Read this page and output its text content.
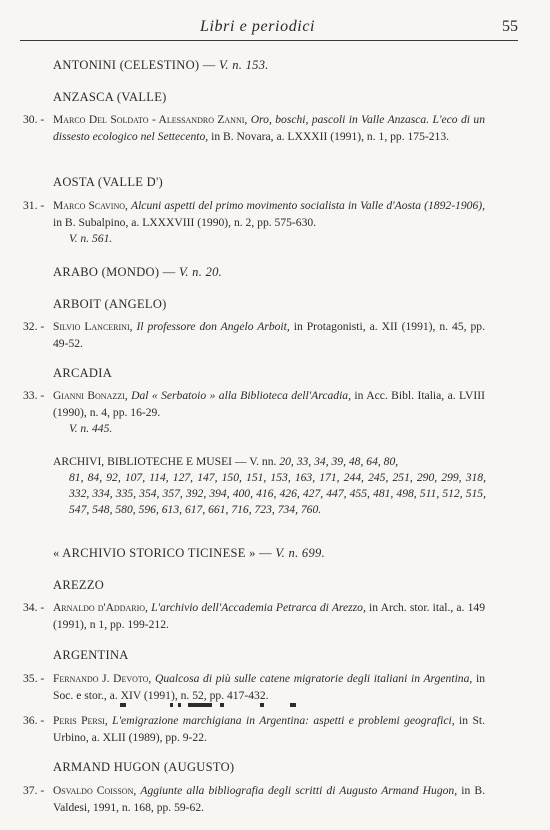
Libri e periodici	55
ANTONINI (CELESTINO) — V. n. 153.
ANZASCA (VALLE)
30. - Marco Del Soldato - Alessandro Zanni, Oro, boschi, pascoli in Valle Anzasca. L'eco di un dissesto ecologico nel Settecento, in B. Novara, a. LXXXII (1991), n. 1, pp. 175-213.
AOSTA (VALLE D')
31. - Marco Scavino, Alcuni aspetti del primo movimento socialista in Valle d'Aosta (1892-1906), in B. Subalpino, a. LXXXVIII (1990), n. 2, pp. 575-630.
V. n. 561.
ARABO (MONDO) — V. n. 20.
ARBOIT (ANGELO)
32. - Silvio Lancerini, Il professore don Angelo Arboit, in Protagonisti, a. XII (1991), n. 45, pp. 49-52.
ARCADIA
33. - Gianni Bonazzi, Dal « Serbatoio » alla Biblioteca dell'Arcadia, in Acc. Bibl. Italia, a. LVIII (1990), n. 4, pp. 16-29.
V. n. 445.
ARCHIVI, BIBLIOTECHE E MUSEI — V. nn. 20, 33, 34, 39, 48, 64, 80,
81, 84, 92, 107, 114, 127, 147, 150, 151, 153, 163, 171, 244, 245, 251, 290, 299, 318, 332, 334, 335, 354, 357, 392, 394, 400, 416, 426, 427, 447, 455, 481, 498, 511, 512, 515, 547, 548, 580, 596, 613, 617, 661, 716, 723, 734, 760.
« ARCHIVIO STORICO TICINESE » — V. n. 699.
AREZZO
34. - Arnaldo d'Addario, L'archivio dell'Accademia Petrarca di Arezzo, in Arch. stor. ital., a. 149 (1991), n 1, pp. 199-212.
ARGENTINA
35. - Fernando J. Devoto, Qualcosa di più sulle catene migratorie degli italiani in Argentina, in Soc. e stor., a. XIV (1991), n. 52, pp. 417-432.
36. - Peris Persi, L'emigrazione marchigiana in Argentina: aspetti e problemi geografici, in St. Urbino, a. XLII (1989), pp. 9-22.
ARMAND HUGON (AUGUSTO)
37. - Osvaldo Coisson, Aggiunte alla bibliografia degli scritti di Augusto Armand Hugon, in B. Valdesi, 1991, n. 168, pp. 59-62.
